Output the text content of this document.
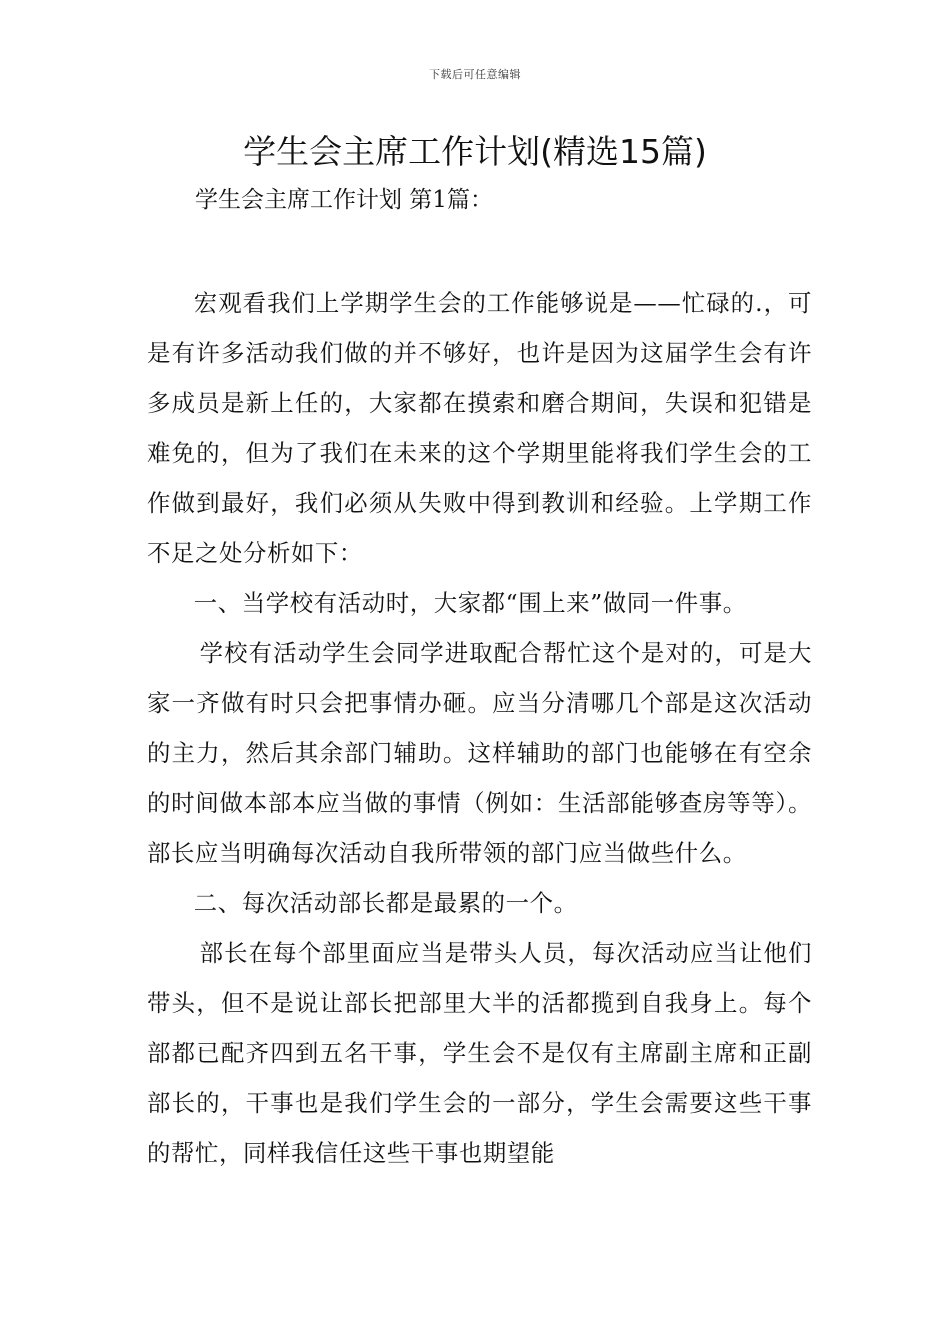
下载后可任意编辑
学生会主席工作计划(精选15篇)
学生会主席工作计划 第1篇：

宏观看我们上学期学生会的工作能够说是——忙碌的.，可是有许多活动我们做的并不够好，也许是因为这届学生会有许多成员是新上任的，大家都在摸索和磨合期间，失误和犯错是难免的，但为了我们在未来的这个学期里能将我们学生会的工作做到最好，我们必须从失败中得到教训和经验。上学期工作不足之处分析如下：

一、当学校有活动时，大家都“围上来”做同一件事。

学校有活动学生会同学进取配合帮忙这个是对的，可是大家一齐做有时只会把事情办砸。应当分清哪几个部是这次活动的主力，然后其余部门辅助。这样辅助的部门也能够在有空余的时间做本部本应当做的事情（例如：生活部能够查房等等）。部长应当明确每次活动自我所带领的部门应当做些什么。

二、每次活动部长都是最累的一个。

部长在每个部里面应当是带头人员，每次活动应当让他们带头，但不是说让部长把部里大半的活都揽到自我身上。每个部都已配齐四到五名干事，学生会不是仅有主席副主席和正副部长的，干事也是我们学生会的一部分，学生会需要这些干事的帮忙，同样我信任这些干事也期望能
